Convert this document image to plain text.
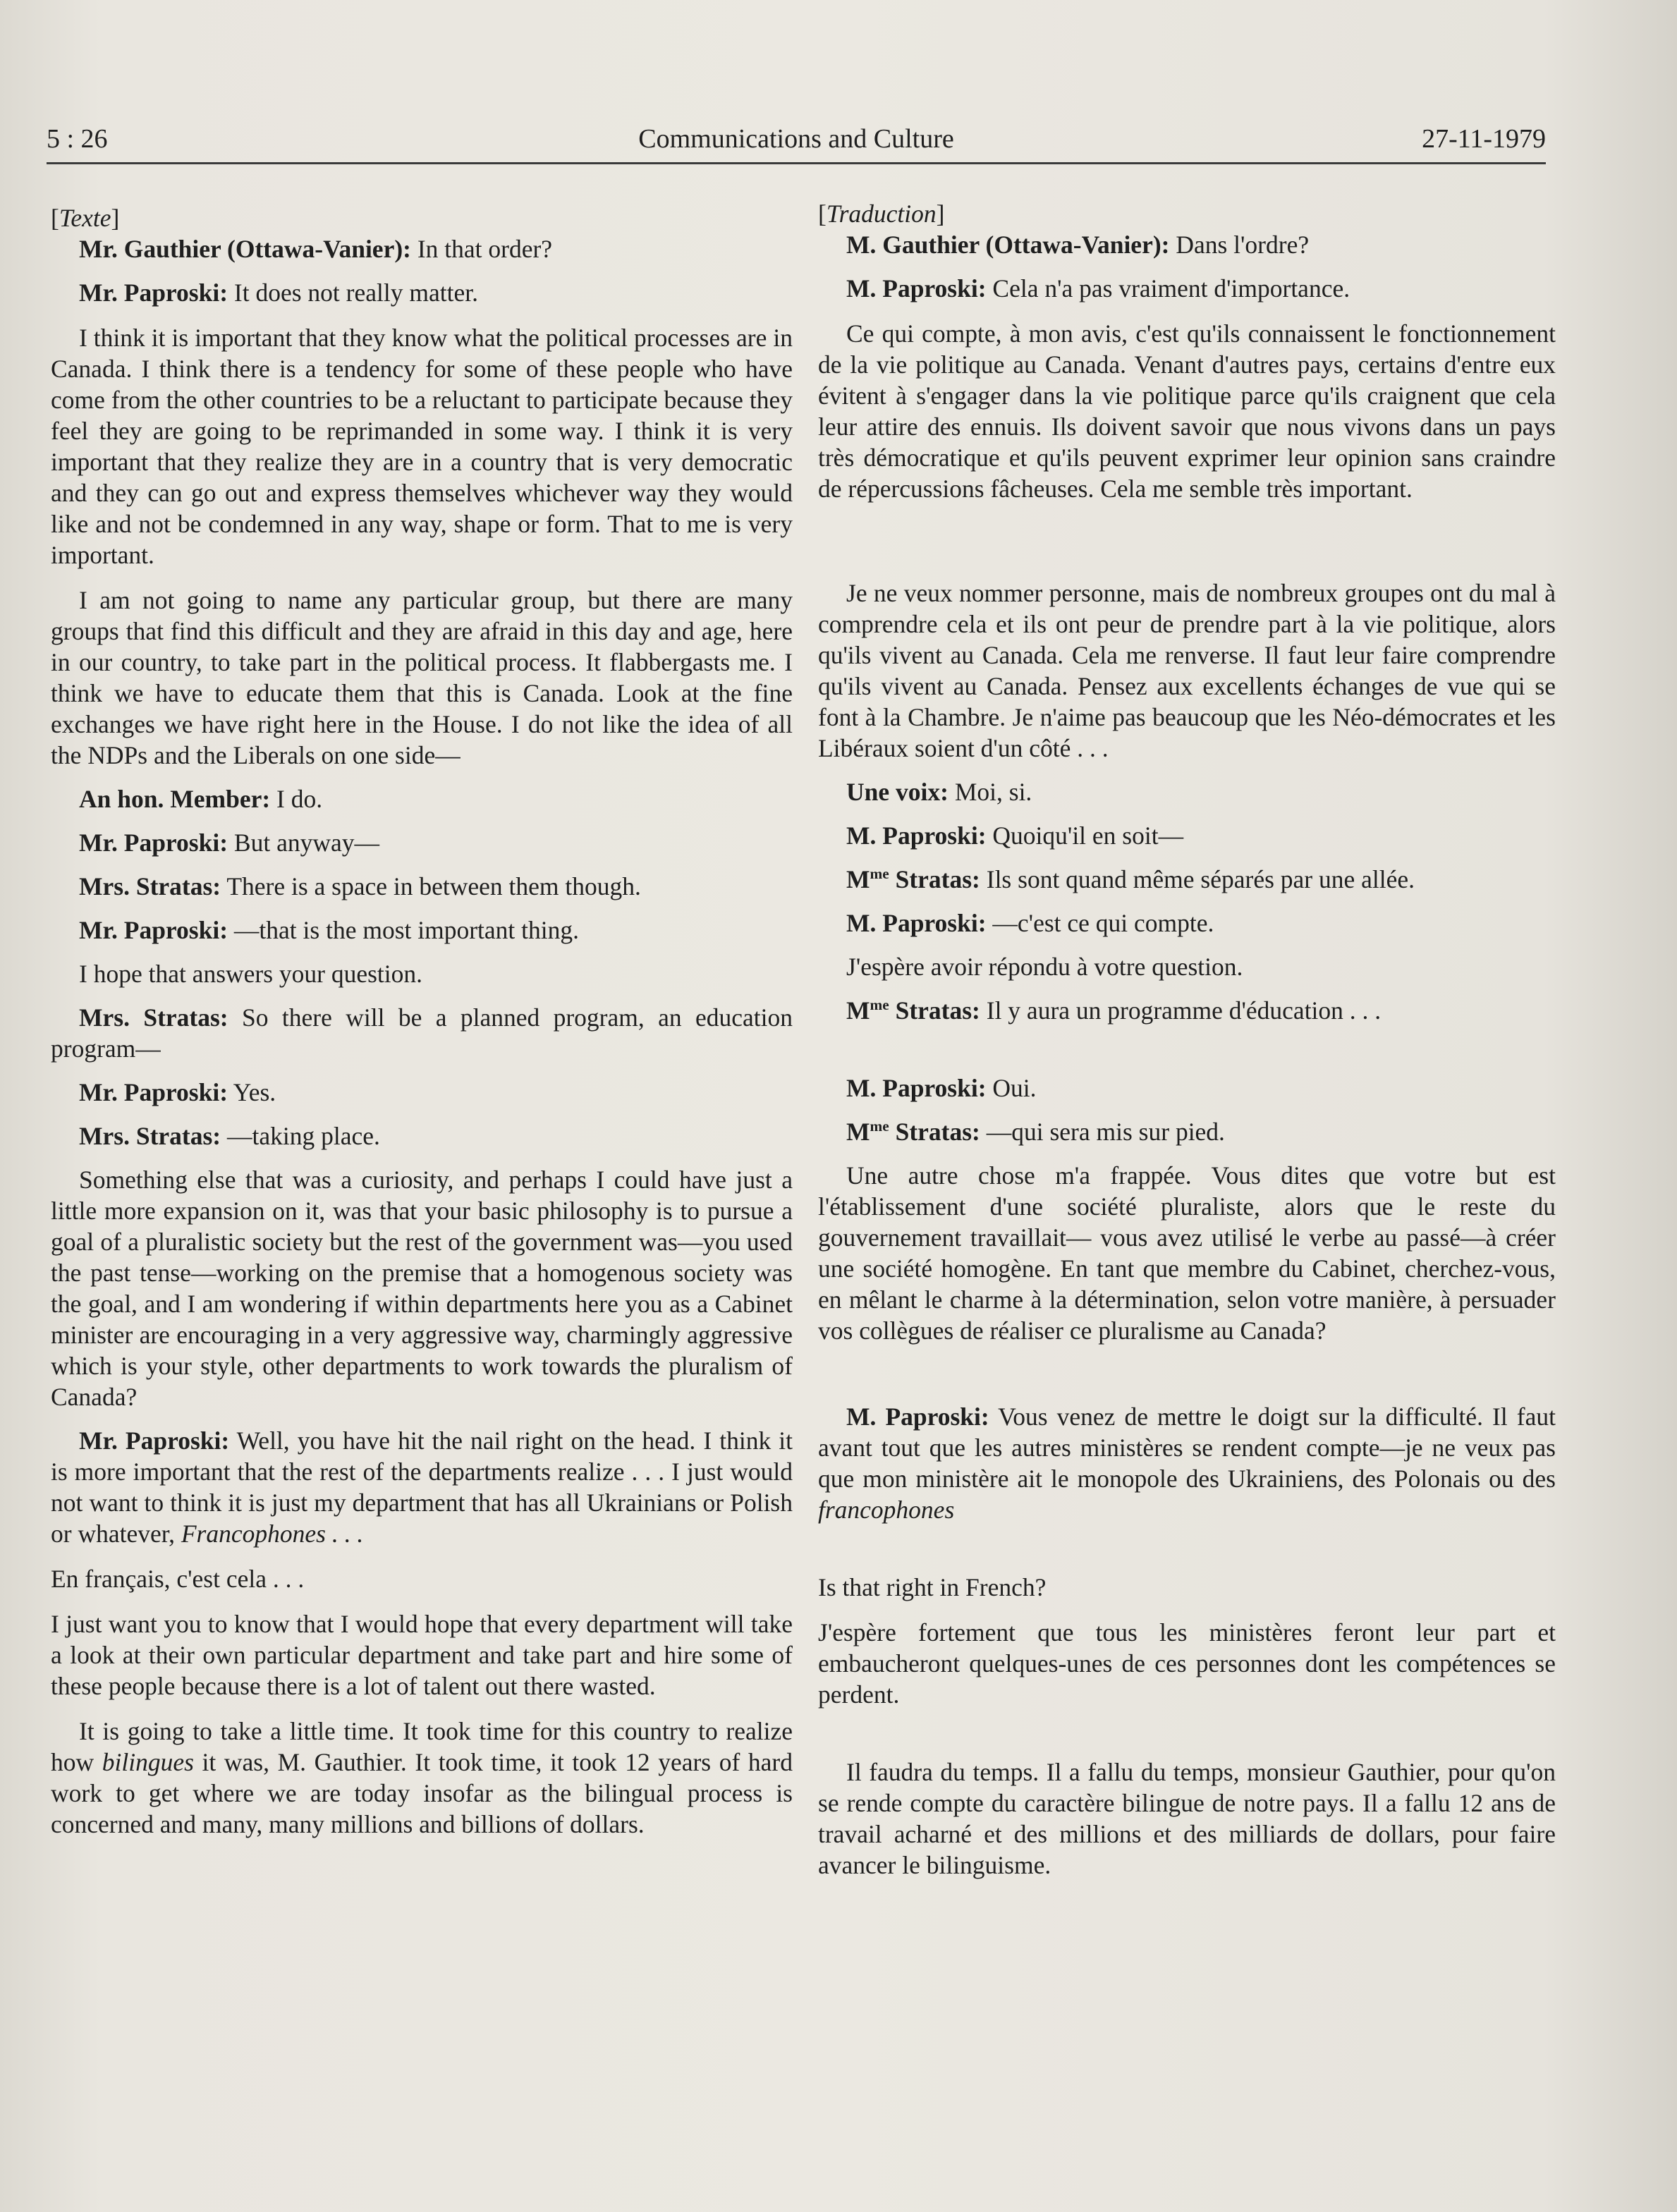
Communications and Culture
5 : 26	27-11-1979

[Texte]

Mr. Gauthier (Ottawa-Vanier): In that order?

Mr. Paproski: It does not really matter.

I think it is important that they know what the political processes are in Canada. I think there is a tendency for some of these people who have come from the other countries to be a reluctant to participate because they feel they are going to be reprimanded in some way. I think it is very important that they realize they are in a country that is very democratic and they can go out and express themselves whichever way they would like and not be condemned in any way, shape or form. That to me is very important.

I am not going to name any particular group, but there are many groups that find this difficult and they are afraid in this day and age, here in our country, to take part in the political process. It flabbergasts me. I think we have to educate them that this is Canada. Look at the fine exchanges we have right here in the House. I do not like the idea of all the NDPs and the Liberals on one side—

An hon. Member: I do.

Mr. Paproski: But anyway—

Mrs. Stratas: There is a space in between them though.

Mr. Paproski: —that is the most important thing.

I hope that answers your question.

Mrs. Stratas: So there will be a planned program, an education program—

Mr. Paproski: Yes.

Mrs. Stratas: —taking place.

Something else that was a curiosity, and perhaps I could have just a little more expansion on it, was that your basic philosophy is to pursue a goal of a pluralistic society but the rest of the government was—you used the past tense—working on the premise that a homogenous society was the goal, and I am wondering if within departments here you as a Cabinet minister are encouraging in a very aggressive way, charmingly aggressive which is your style, other departments to work towards the pluralism of Canada?

Mr. Paproski: Well, you have hit the nail right on the head. I think it is more important that the rest of the departments realize . . . I just would not want to think it is just my department that has all Ukrainians or Polish or whatever, Francophones . . .

En français, c'est cela . . .

I just want you to know that I would hope that every department will take a look at their own particular department and take part and hire some of these people because there is a lot of talent out there wasted.

It is going to take a little time. It took time for this country to realize how bilingues it was, M. Gauthier. It took time, it took 12 years of hard work to get where we are today insofar as the bilingual process is concerned and many, many millions and billions of dollars.

[Traduction]

M. Gauthier (Ottawa-Vanier): Dans l'ordre?

M. Paproski: Cela n'a pas vraiment d'importance.

Ce qui compte, à mon avis, c'est qu'ils connaissent le fonctionnement de la vie politique au Canada. Venant d'autres pays, certains d'entre eux évitent à s'engager dans la vie politique parce qu'ils craignent que cela leur attire des ennuis. Ils doivent savoir que nous vivons dans un pays très démocratique et qu'ils peuvent exprimer leur opinion sans craindre de répercussions fâcheuses. Cela me semble très important.

Je ne veux nommer personne, mais de nombreux groupes ont du mal à comprendre cela et ils ont peur de prendre part à la vie politique, alors qu'ils vivent au Canada. Cela me renverse. Il faut leur faire comprendre qu'ils vivent au Canada. Pensez aux excellents échanges de vue qui se font à la Chambre. Je n'aime pas beaucoup que les Néo-démocrates et les Libéraux soient d'un côté . . .

Une voix: Moi, si.

M. Paproski: Quoiqu'il en soit—

$M^{me}$ Stratas: Ils sont quand même séparés par une allée.

M. Paproski: —c'est ce qui compte.

J'espère avoir répondu à votre question.

$M^{me}$ Stratas: Il y aura un programme d'éducation . . .

M. Paproski: Oui.

$M^{me}$ Stratas: —qui sera mis sur pied.

Une autre chose m'a frappée. Vous dites que votre but est l'établissement d'une société pluraliste, alors que le reste du gouvernement travaillait— vous avez utilisé le verbe au passé—à créer une société homogène. En tant que membre du Cabinet, cherchez-vous, en mêlant le charme à la détermination, selon votre manière, à persuader vos collègues de réaliser ce pluralisme au Canada?

M. Paproski: Vous venez de mettre le doigt sur la difficulté. Il faut avant tout que les autres ministères se rendent compte—je ne veux pas que mon ministère ait le monopole des Ukrainiens, des Polonais ou des francophones

Is that right in French?

J'espère fortement que tous les ministères feront leur part et embaucheront quelques-unes de ces personnes dont les compétences se perdent.

Il faudra du temps. Il a fallu du temps, monsieur Gauthier, pour qu'on se rende compte du caractère bilingue de notre pays. Il a fallu 12 ans de travail acharné et des millions et des milliards de dollars, pour faire avancer le bilinguisme.
